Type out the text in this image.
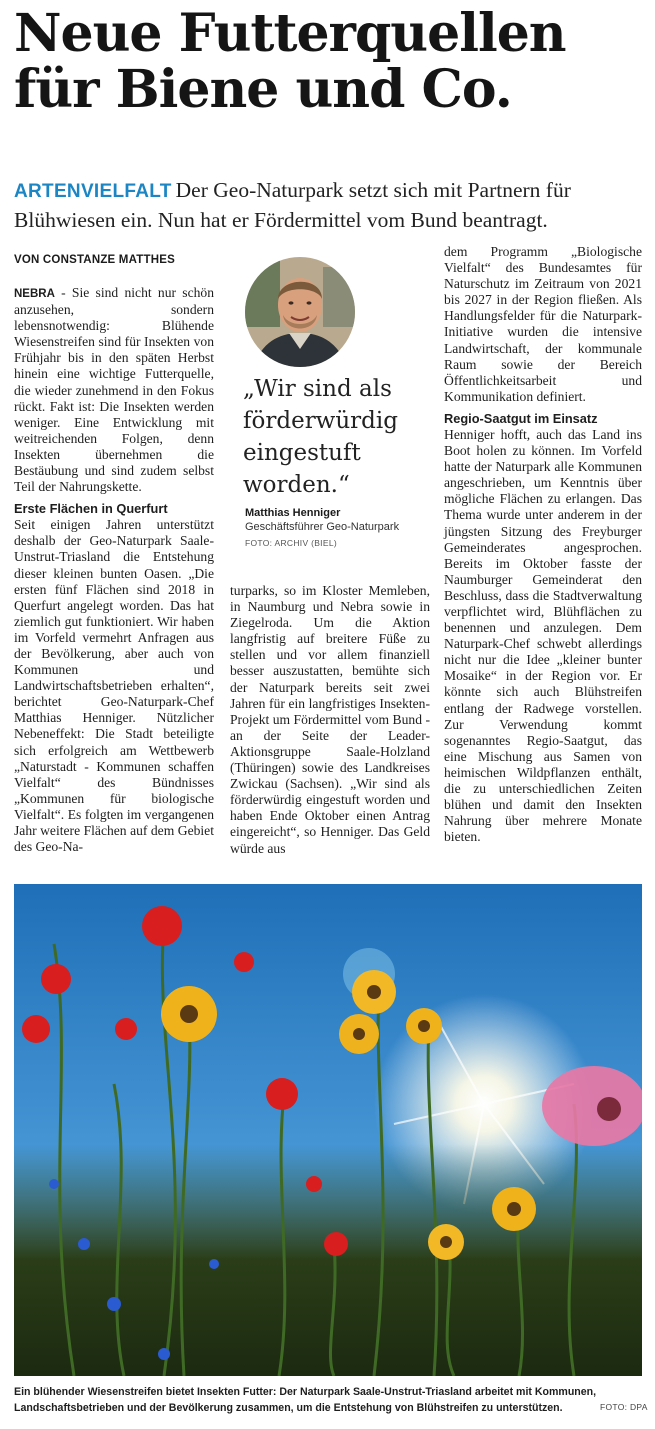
Neue Futterquellen
für Biene und Co.
ARTENVIELFALT Der Geo-Naturpark setzt sich mit Partnern für Blühwiesen ein. Nun hat er Fördermittel vom Bund beantragt.
VON CONSTANZE MATTHES

NEBRA - Sie sind nicht nur schön anzusehen, sondern lebensnotwendig: Blühende Wiesenstreifen sind für Insekten von Frühjahr bis in den späten Herbst hinein eine wichtige Futterquelle, die wieder zunehmend in den Fokus rückt. Fakt ist: Die Insekten werden weniger. Eine Entwicklung mit weitreichenden Folgen, denn Insekten übernehmen die Bestäubung und sind zudem selbst Teil der Nahrungskette.

Erste Flächen in Querfurt

Seit einigen Jahren unterstützt deshalb der Geo-Naturpark Saale-Unstrut-Triasland die Entstehung dieser kleinen bunten Oasen. „Die ersten fünf Flächen sind 2018 in Querfurt angelegt worden. Das hat ziemlich gut funktioniert. Wir haben im Vorfeld vermehrt Anfragen aus der Bevölkerung, aber auch von Kommunen und Landwirtschaftsbetrieben erhalten“, berichtet Geo-Naturpark-Chef Matthias Henniger. Nützlicher Nebeneffekt: Die Stadt beteiligte sich erfolgreich am Wettbewerb „Naturstadt - Kommunen schaffen Vielfalt“ des Bündnisses „Kommunen für biologische Vielfalt“. Es folgten im vergangenen Jahr weitere Flächen auf dem Gebiet des Geo-Na-

„Wir sind als förderwürdig eingestuft worden.“
Matthias Henniger
Geschäftsführer Geo-Naturpark
FOTO: ARCHIV (BIEL)

turparks, so im Kloster Memleben, in Naumburg und Nebra sowie in Ziegelroda. Um die Aktion langfristig auf breitere Füße zu stellen und vor allem finanziell besser auszustatten, bemühte sich der Naturpark bereits seit zwei Jahren für ein langfristiges Insekten-Projekt um Fördermittel vom Bund - an der Seite der Leader-Aktionsgruppe Saale-Holzland (Thüringen) sowie des Landkreises Zwickau (Sachsen). „Wir sind als förderwürdig eingestuft worden und haben Ende Oktober einen Antrag eingereicht“, so Henniger. Das Geld würde aus

dem Programm „Biologische Vielfalt“ des Bundesamtes für Naturschutz im Zeitraum von 2021 bis 2027 in der Region fließen. Als Handlungsfelder für die Naturpark-Initiative wurden die intensive Landwirtschaft, der kommunale Raum sowie der Bereich Öffentlichkeitsarbeit und Kommunikation definiert.

Regio-Saatgut im Einsatz

Henniger hofft, auch das Land ins Boot holen zu können. Im Vorfeld hatte der Naturpark alle Kommunen angeschrieben, um Kenntnis über mögliche Flächen zu erlangen. Das Thema wurde unter anderem in der jüngsten Sitzung des Freyburger Gemeinderates angesprochen. Bereits im Oktober fasste der Naumburger Gemeinderat den Beschluss, dass die Stadtverwaltung verpflichtet wird, Blühflächen zu benennen und anzulegen. Dem Naturpark-Chef schwebt allerdings nicht nur die Idee „kleiner bunter Mosaike“ in der Region vor. Er könnte sich auch Blühstreifen entlang der Radwege vorstellen. Zur Verwendung kommt sogenanntes Regio-Saatgut, das eine Mischung aus Samen von heimischen Wildpflanzen enthält, die zu unterschiedlichen Zeiten blühen und damit den Insekten Nahrung über mehrere Monate bieten.

Ein blühender Wiesenstreifen bietet Insekten Futter: Der Naturpark Saale-Unstrut-Triasland arbeitet mit Kommunen, Landschaftsbetrieben und der Bevölkerung zusammen, um die Entstehung von Blühstreifen zu unterstützen.	FOTO: DPA
